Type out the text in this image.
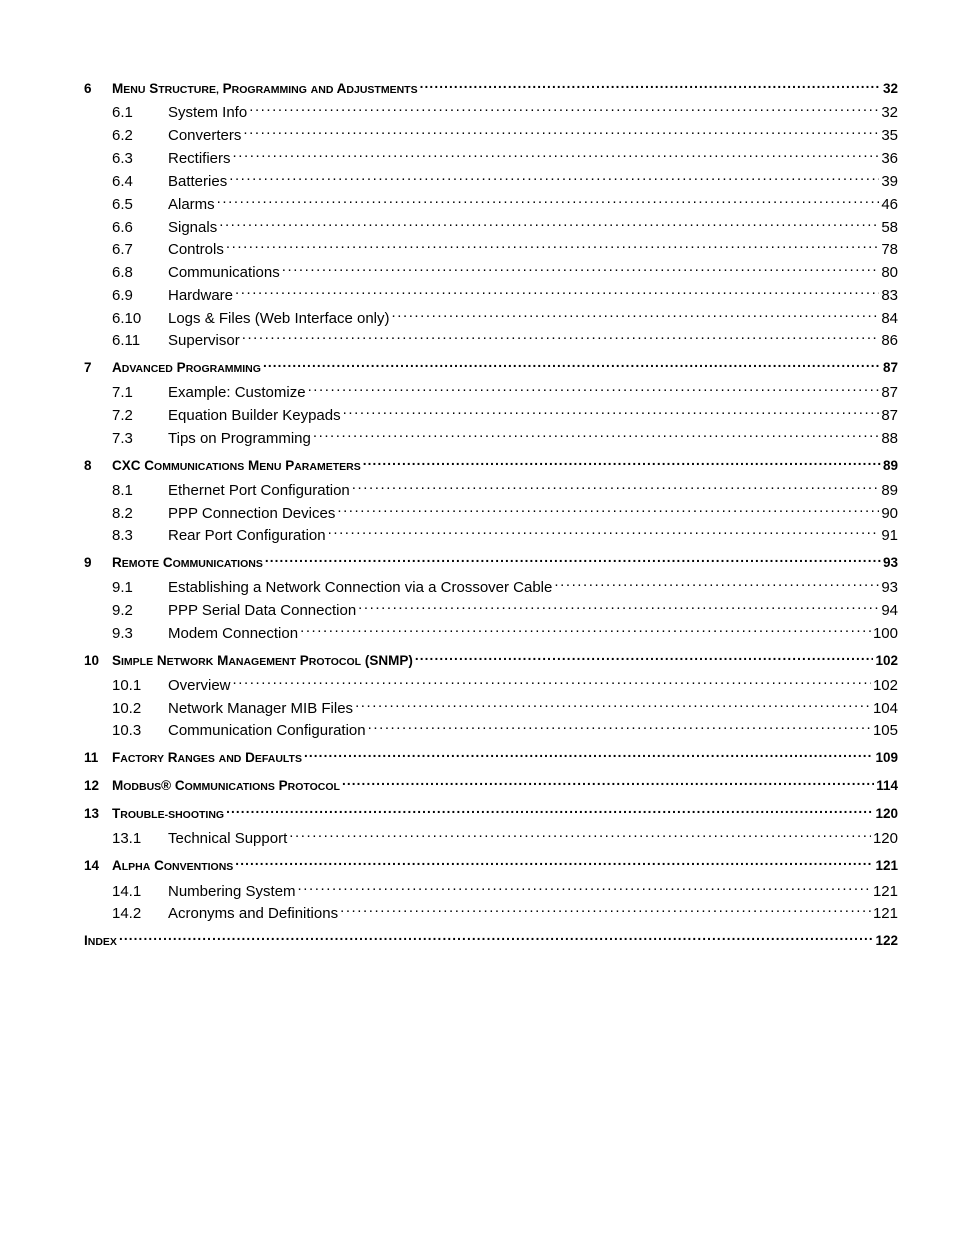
6	MENU STRUCTURE, PROGRAMMING AND ADJUSTMENTS . . .	32
6.1	System Info . . .	32
6.2	Converters . . .	35
6.3	Rectifiers . . .	36
6.4	Batteries . . .	39
6.5	Alarms . . .	46
6.6	Signals . . .	58
6.7	Controls . . .	78
6.8	Communications . . .	80
6.9	Hardware . . .	83
6.10	Logs & Files (Web Interface only) . . .	84
6.11	Supervisor . . .	86
7	ADVANCED PROGRAMMING . . .	87
7.1	Example: Customize . . .	87
7.2	Equation Builder Keypads . . .	87
7.3	Tips on Programming . . .	88
8	CXC COMMUNICATIONS MENU PARAMETERS . . .	89
8.1	Ethernet Port Configuration . . .	89
8.2	PPP Connection Devices . . .	90
8.3	Rear Port Configuration . . .	91
9	REMOTE COMMUNICATIONS . . .	93
9.1	Establishing a Network Connection via a Crossover Cable . . .	93
9.2	PPP Serial Data Connection . . .	94
9.3	Modem Connection . . .	100
10 SIMPLE NETWORK MANAGEMENT PROTOCOL (SNMP) . . .	102
10.1	Overview . . .	102
10.2	Network Manager MIB Files . . .	104
10.3	Communication Configuration . . .	105
11	FACTORY RANGES AND DEFAULTS . . .	109
12 MODBUS® COMMUNICATIONS PROTOCOL . . .	114
13 TROUBLE-SHOOTING . . .	120
13.1	Technical Support . . .	120
14 ALPHA CONVENTIONS . . .	121
14.1	Numbering System . . .	121
14.2	Acronyms and Definitions . . .	121
INDEX . . .	122
